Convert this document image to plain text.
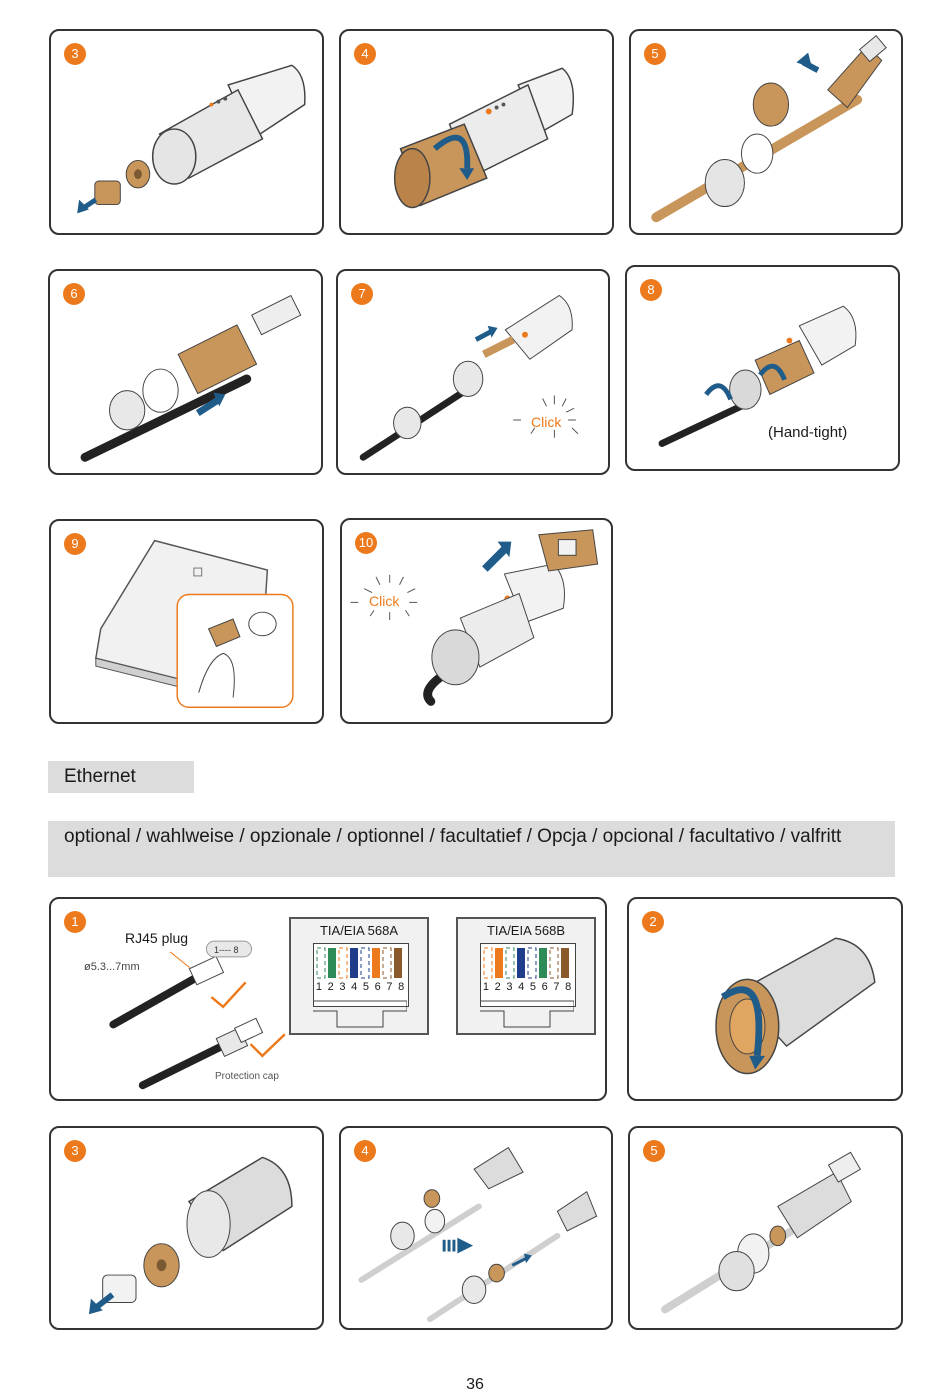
3	4	5
6
Click
7
(Hand-tight)
8
9
Click
10
Ethernet
optional / wahlweise / opzionale / optionnel / facultatief / Opcja / opcional / facultativo / valfritt
RJ45 plug
1---- 8
ø5.3...7mm
Protection cap
TIA/EIA 568A
1 2 3 4 5 6 7 8
TIA/EIA 568B
1 2 3 4 5 6 7 8
1	2
3	4	5
36
